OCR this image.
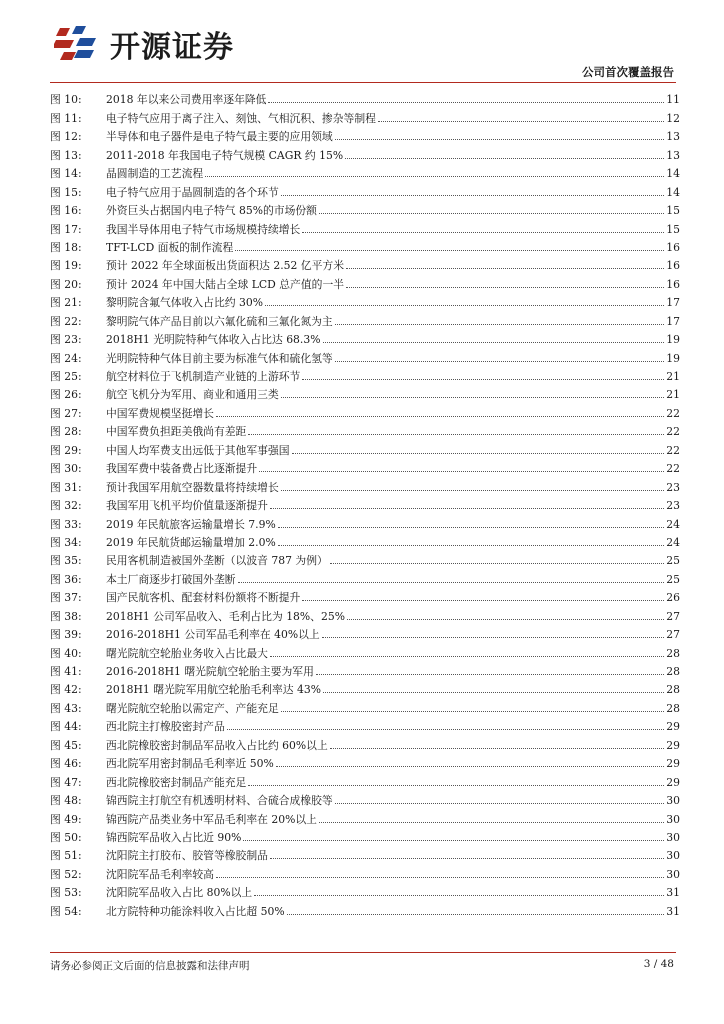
开源证券
公司首次覆盖报告
图 10:	2018 年以来公司费用率逐年降低	11
图 11:	电子特气应用于离子注入、刻蚀、气相沉积、掺杂等制程	12
图 12:	半导体和电子器件是电子特气最主要的应用领域	13
图 13:	2011-2018 年我国电子特气规模 CAGR 约 15%	13
图 14:	晶圆制造的工艺流程	14
图 15:	电子特气应用于晶圆制造的各个环节	14
图 16:	外资巨头占据国内电子特气 85%的市场份额	15
图 17:	我国半导体用电子特气市场规模持续增长	15
图 18:	TFT-LCD 面板的制作流程	16
图 19:	预计 2022 年全球面板出货面积达 2.52 亿平方米	16
图 20:	预计 2024 年中国大陆占全球 LCD 总产值的一半	16
图 21:	黎明院含氟气体收入占比约 30%	17
图 22:	黎明院气体产品目前以六氟化硫和三氟化氮为主	17
图 23:	2018H1 光明院特种气体收入占比达 68.3%	19
图 24:	光明院特种气体目前主要为标准气体和硫化氢等	19
图 25:	航空材料位于飞机制造产业链的上游环节	21
图 26:	航空飞机分为军用、商业和通用三类	21
图 27:	中国军费规模坚挺增长	22
图 28:	中国军费负担距美俄尚有差距	22
图 29:	中国人均军费支出远低于其他军事强国	22
图 30:	我国军费中装备费占比逐渐提升	22
图 31:	预计我国军用航空器数量将持续增长	23
图 32:	我国军用飞机平均价值量逐渐提升	23
图 33:	2019 年民航旅客运输量增长 7.9%	24
图 34:	2019 年民航货邮运输量增加 2.0%	24
图 35:	民用客机制造被国外垄断（以波音 787 为例）	25
图 36:	本土厂商逐步打破国外垄断	25
图 37:	国产民航客机、配套材料份额将不断提升	26
图 38:	2018H1 公司军品收入、毛利占比为 18%、25%	27
图 39:	2016-2018H1 公司军品毛利率在 40%以上	27
图 40:	曙光院航空轮胎业务收入占比最大	28
图 41:	2016-2018H1 曙光院航空轮胎主要为军用	28
图 42:	2018H1 曙光院军用航空轮胎毛利率达 43%	28
图 43:	曙光院航空轮胎以需定产、产能充足	28
图 44:	西北院主打橡胶密封产品	29
图 45:	西北院橡胶密封制品军品收入占比约 60%以上	29
图 46:	西北院军用密封制品毛利率近 50%	29
图 47:	西北院橡胶密封制品产能充足	29
图 48:	锦西院主打航空有机透明材料、合硫合成橡胶等	30
图 49:	锦西院产品类业务中军品毛利率在 20%以上	30
图 50:	锦西院军品收入占比近 90%	30
图 51:	沈阳院主打胶布、胶管等橡胶制品	30
图 52:	沈阳院军品毛利率较高	30
图 53:	沈阳院军品收入占比 80%以上	31
图 54:	北方院特种功能涂料收入占比超 50%	31
请务必参阅正文后面的信息披露和法律声明	3 / 48
